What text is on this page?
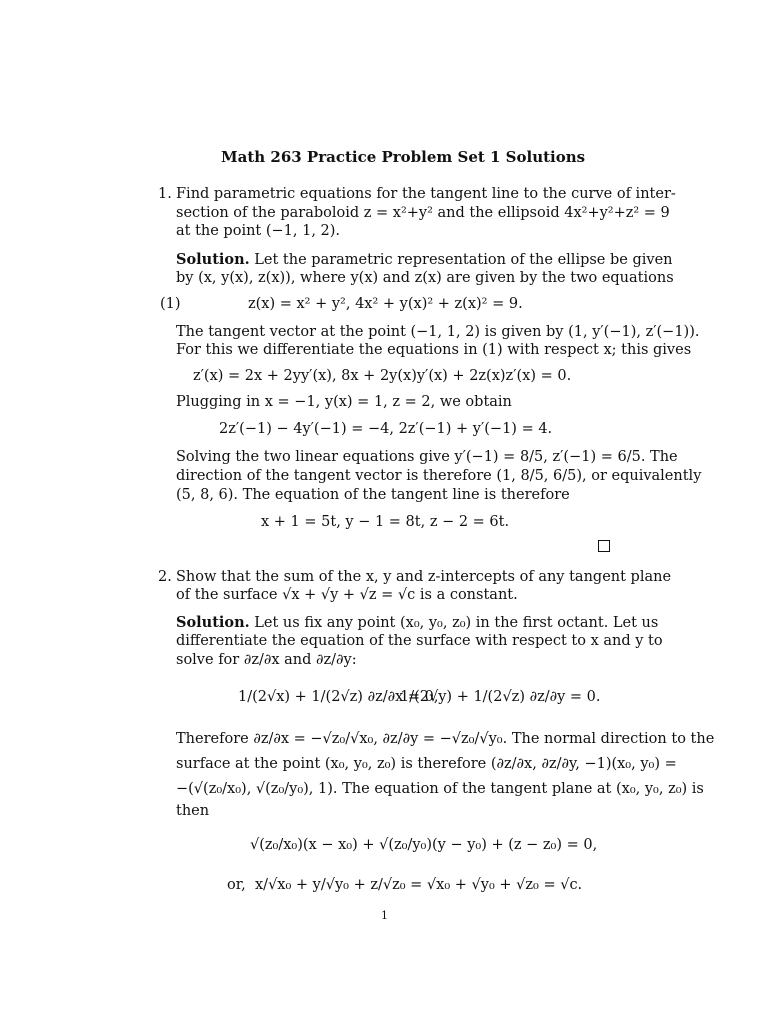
Math 263 Practice Problem Set 1 Solutions
1. Find parametric equations for the tangent line to the curve of inter-
section of the paraboloid z = x²+y² and the ellipsoid 4x²+y²+z² = 9
at the point (−1, 1, 2).
Solution. Let the parametric representation of the ellipse be given
by (x, y(x), z(x)), where y(x) and z(x) are given by the two equations
(1)	z(x) = x² + y², 4x² + y(x)² + z(x)² = 9.
The tangent vector at the point (−1, 1, 2) is given by (1, y′(−1), z′(−1)).
For this we differentiate the equations in (1) with respect x; this gives
z′(x) = 2x + 2yy′(x), 8x + 2y(x)y′(x) + 2z(x)z′(x) = 0.
Plugging in x = −1, y(x) = 1, z = 2, we obtain
2z′(−1) − 4y′(−1) = −4, 2z′(−1) + y′(−1) = 4.
Solving the two linear equations give y′(−1) = 8/5, z′(−1) = 6/5. The
direction of the tangent vector is therefore (1, 8/5, 6/5), or equivalently
(5, 8, 6). The equation of the tangent line is therefore
x + 1 = 5t, y − 1 = 8t, z − 2 = 6t.
2. Show that the sum of the x, y and z-intercepts of any tangent plane
of the surface √x + √y + √z = √c is a constant.
Solution. Let us fix any point (x₀, y₀, z₀) in the first octant. Let us
differentiate the equation of the surface with respect to x and y to
solve for ∂z/∂x and ∂z/∂y:
1/(2√x) + 1/(2√z) ∂z/∂x = 0,
1/(2√y) + 1/(2√z) ∂z/∂y = 0.
Therefore ∂z/∂x = −√z₀/√x₀, ∂z/∂y = −√z₀/√y₀. The normal direction to the
surface at the point (x₀, y₀, z₀) is therefore (∂z/∂x, ∂z/∂y, −1)(x₀, y₀) =
−(√(z₀/x₀), √(z₀/y₀), 1). The equation of the tangent plane at (x₀, y₀, z₀) is
then
√(z₀/x₀)(x − x₀) + √(z₀/y₀)(y − y₀) + (z − z₀) = 0,
or, x/√x₀ + y/√y₀ + z/√z₀ = √x₀ + √y₀ + √z₀ = √c.
1
